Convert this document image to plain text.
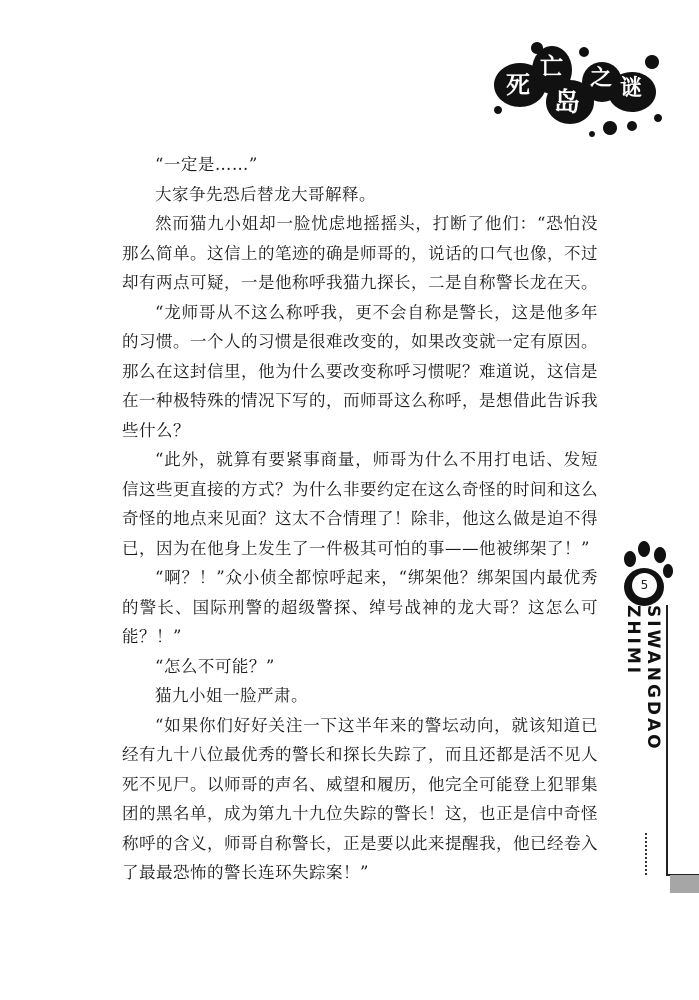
死
亡
岛
之 谜

“一定是……”

大家争先恐后替龙大哥解释。

然而猫九小姐却一脸忧虑地摇摇头，打断了他们：“恐怕没那么简单。这信上的笔迹的确是师哥的，说话的口气也像，不过却有两点可疑，一是他称呼我猫九探长，二是自称警长龙在天。

“龙师哥从不这么称呼我，更不会自称是警长，这是他多年的习惯。一个人的习惯是很难改变的，如果改变就一定有原因。那么在这封信里，他为什么要改变称呼习惯呢？难道说，这信是在一种极特殊的情况下写的，而师哥这么称呼，是想借此告诉我些什么？

“此外，就算有要紧事商量，师哥为什么不用打电话、发短信这些更直接的方式？为什么非要约定在这么奇怪的时间和这么奇怪的地点来见面？这太不合情理了！除非，他这么做是迫不得已，因为在他身上发生了一件极其可怕的事——他被绑架了！”

“啊？！”众小侦全都惊呼起来，“绑架他？绑架国内最优秀的警长、国际刑警的超级警探、绰号战神的龙大哥？这怎么可能？！”

“怎么不可能？”

猫九小姐一脸严肃。

“如果你们好好关注一下这半年来的警坛动向，就该知道已经有九十八位最优秀的警长和探长失踪了，而且还都是活不见人死不见尸。以师哥的声名、威望和履历，他完全可能登上犯罪集团的黑名单，成为第九十九位失踪的警长！这，也正是信中奇怪称呼的含义，师哥自称警长，正是要以此来提醒我，他已经卷入了最最恐怖的警长连环失踪案！”

5
SIWANGDAO ZHIMI
